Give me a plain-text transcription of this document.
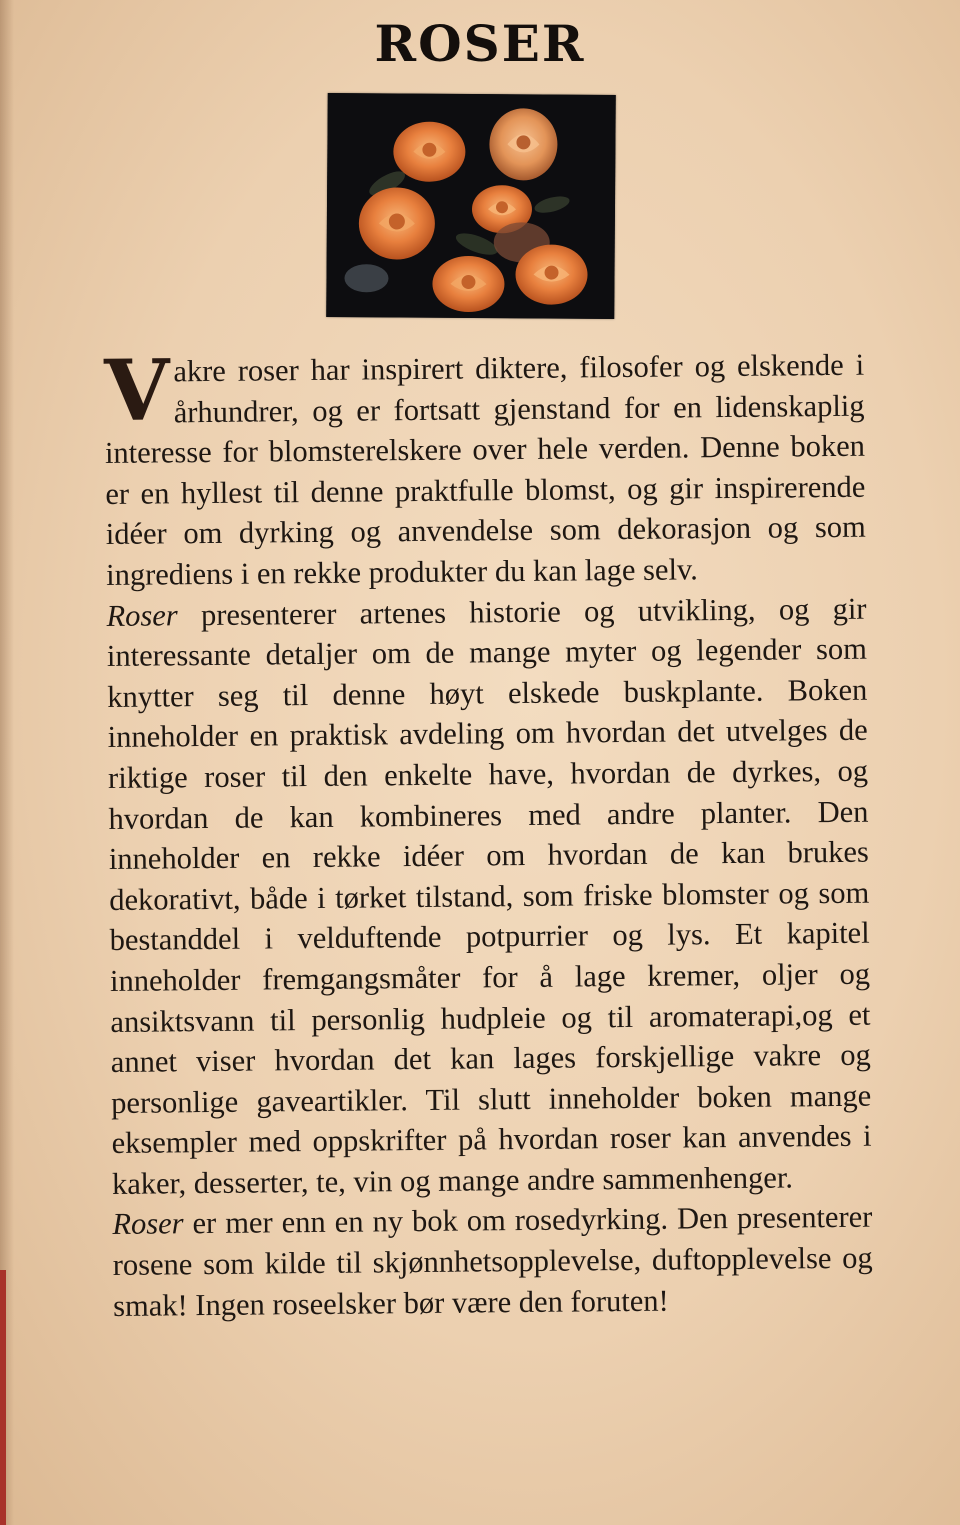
ROSER

Vakre roser har inspirert diktere, filosofer og elskende i århundrer, og er fortsatt gjenstand for en lidenskaplig interesse for blomsterelskere over hele verden. Denne boken er en hyllest til denne praktfulle blomst, og gir inspirerende idéer om dyrking og anvendelse som dekorasjon og som ingrediens i en rekke produkter du kan lage selv.

Roser presenterer artenes historie og utvikling, og gir interessante detaljer om de mange myter og legender som knytter seg til denne høyt elskede buskplante. Boken inneholder en praktisk avdeling om hvordan det utvelges de riktige roser til den enkelte have, hvordan de dyrkes, og hvordan de kan kombineres med andre planter. Den inneholder en rekke idéer om hvordan de kan brukes dekorativt, både i tørket tilstand, som friske blomster og som bestanddel i velduftende potpurrier og lys. Et kapitel inneholder fremgangsmåter for å lage kremer, oljer og ansiktsvann til personlig hudpleie og til aromaterapi,og et annet viser hvordan det kan lages forskjellige vakre og personlige gaveartikler. Til slutt inneholder boken mange eksempler med oppskrifter på hvordan roser kan anvendes i kaker, desserter, te, vin og mange andre sammenhenger.

Roser er mer enn en ny bok om rosedyrking. Den presenterer rosene som kilde til skjønnhetsopplevelse, duftopplevelse og smak! Ingen roseelsker bør være den foruten!
